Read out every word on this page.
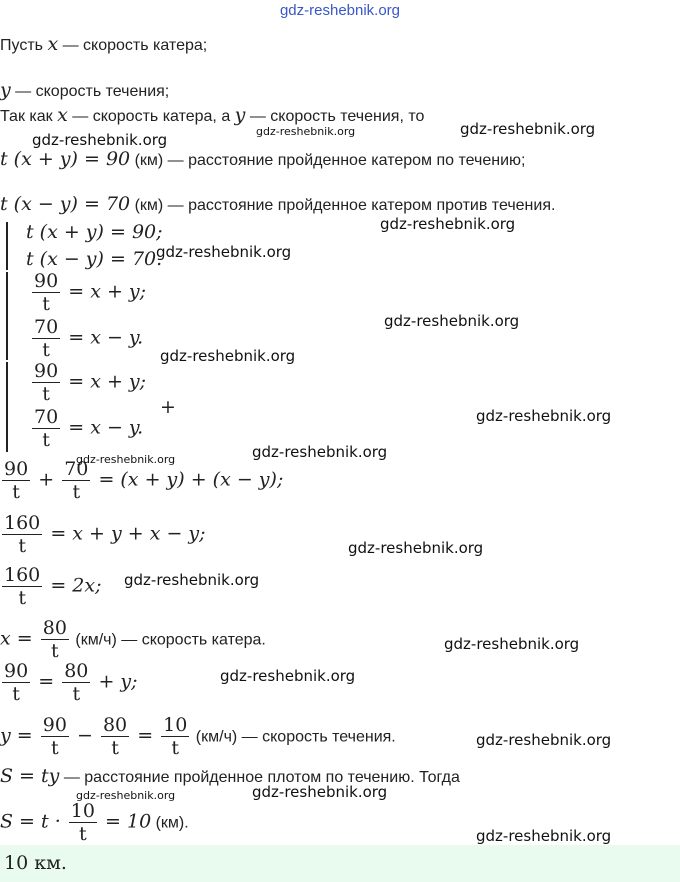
gdz-reshebnik.org
Пусть x — скорость катера;
y — скорость течения;
Так как x — скорость катера, а y — скорость течения, то
t (x + y) = 90 (км) — расстояние пройденное катером по течению;
t (x − y) = 70 (км) — расстояние пройденное катером против течения.
t (x + y) = 90;
t (x − y) = 70.
$\frac{90}{t} = x + y$;
$\frac{70}{t} = x - y$.
$\frac{90}{t} = x + y$;
$\frac{70}{t} = x - y$.
+
$\frac{90}{t} + \frac{70}{t} = (x + y) + (x - y)$;
$\frac{160}{t} = x + y + x - y$;
$\frac{160}{t} = 2x$;
$x = \frac{80}{t} (км/ч)$ — скорость катера.
$\frac{90}{t} = \frac{80}{t} + y$;
$y = \frac{90}{t} - \frac{80}{t} = \frac{10}{t} (км/ч)$ — скорость течения.
S = ty — расстояние пройденное плотом по течению. Тогда
$S = t \cdot \frac{10}{t} = 10$ (км).
10 км.
gdz-reshebnik.org	gdz-reshebnik.org	gdz-reshebnik.org
gdz-reshebnik.org
gdz-reshebnik.org
gdz-reshebnik.org
gdz-reshebnik.org
gdz-reshebnik.org
gdz-reshebnik.org
gdz-reshebnik.org
gdz-reshebnik.org
gdz-reshebnik.org
gdz-reshebnik.org
gdz-reshebnik.org
gdz-reshebnik.org
gdz-reshebnik.org
gdz-reshebnik.org
gdz-reshebnik.org
